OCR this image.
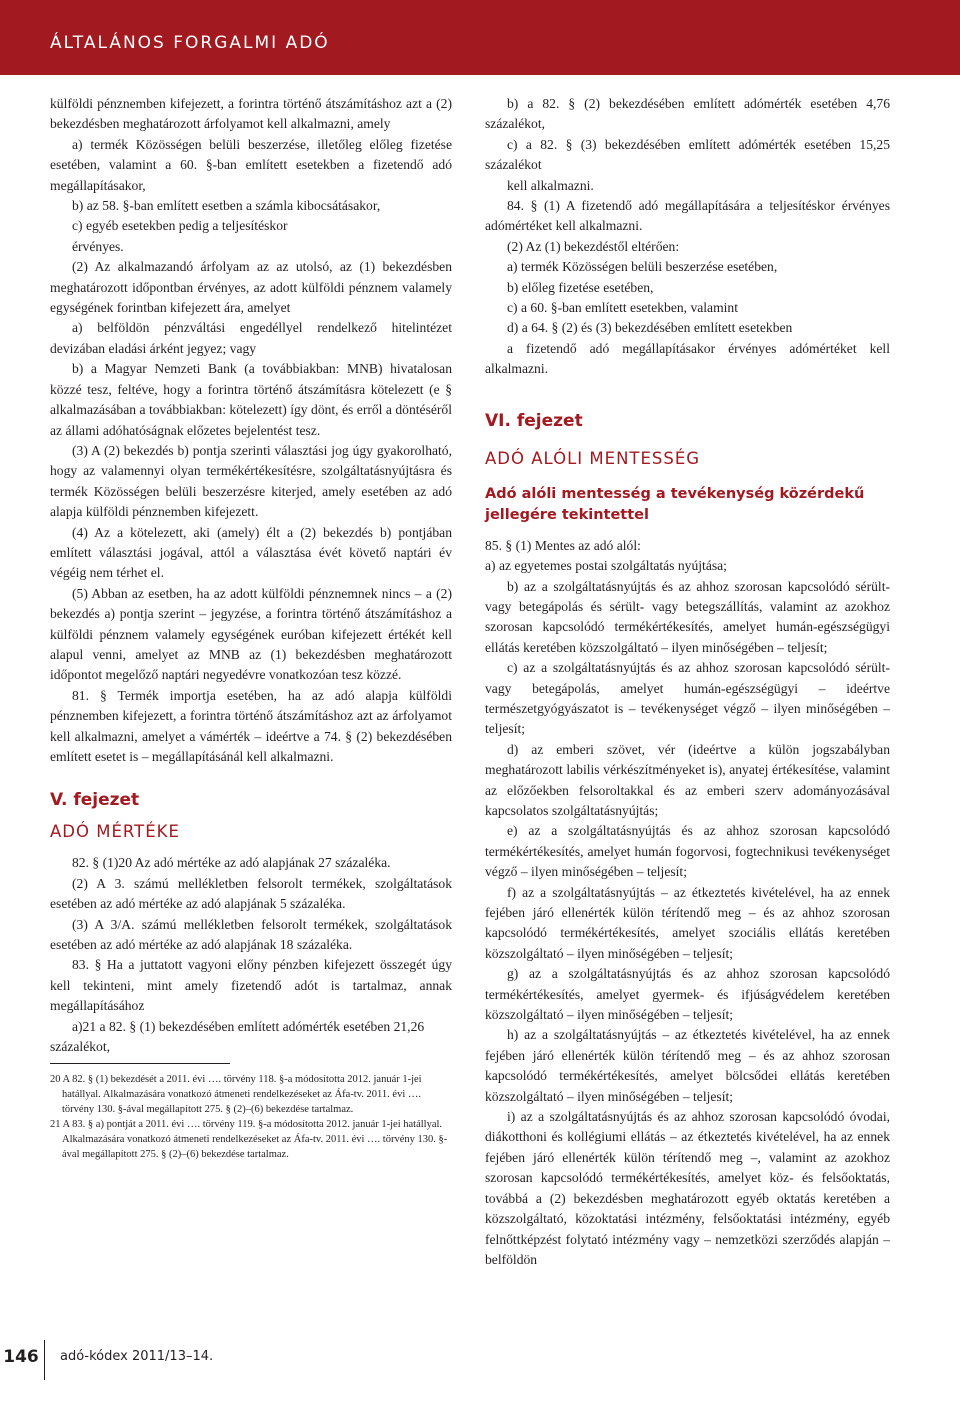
ÁLTALÁNOS FORGALMI ADÓ

külföldi pénznemben kifejezett, a forintra történő átszámításhoz azt a (2) bekezdésben meghatározott árfolyamot kell alkalmazni, amely

a) termék Közösségen belüli beszerzése, illetőleg előleg fizetése esetében, valamint a 60. §-ban említett esetekben a fizetendő adó megállapításakor,

b) az 58. §-ban említett esetben a számla kibocsátásakor,

c) egyéb esetekben pedig a teljesítéskor

érvényes.

(2) Az alkalmazandó árfolyam az az utolsó, az (1) bekezdésben meghatározott időpontban érvényes, az adott külföldi pénznem valamely egységének forintban kifejezett ára, amelyet

a) belföldön pénzváltási engedéllyel rendelkező hitelintézet devizában eladási árként jegyez; vagy

b) a Magyar Nemzeti Bank (a továbbiakban: MNB) hivatalosan közzé tesz, feltéve, hogy a forintra történő átszámításra kötelezett (e § alkalmazásában a továbbiakban: kötelezett) így dönt, és erről a döntéséről az állami adóhatóságnak előzetes bejelentést tesz.

(3) A (2) bekezdés b) pontja szerinti választási jog úgy gyakorolható, hogy az valamennyi olyan termékértékesítésre, szolgáltatásnyújtásra és termék Közösségen belüli beszerzésre kiterjed, amely esetében az adó alapja külföldi pénznemben kifejezett.

(4) Az a kötelezett, aki (amely) élt a (2) bekezdés b) pontjában említett választási jogával, attól a választása évét követő naptári év végéig nem térhet el.

(5) Abban az esetben, ha az adott külföldi pénznemnek nincs – a (2) bekezdés a) pontja szerint – jegyzése, a forintra történő átszámításhoz a külföldi pénznem valamely egységének euróban kifejezett értékét kell alapul venni, amelyet az MNB az (1) bekezdésben meghatározott időpontot megelőző naptári negyedévre vonatkozóan tesz közzé.

81. § Termék importja esetében, ha az adó alapja külföldi pénznemben kifejezett, a forintra történő átszámításhoz azt az árfolyamot kell alkalmazni, amelyet a vámérték – ideértve a 74. § (2) bekezdésében említett esetet is – megállapításánál kell alkalmazni.

V. fejezet
ADÓ MÉRTÉKE

82. § (1)20 Az adó mértéke az adó alapjának 27 százaléka.

(2) A 3. számú mellékletben felsorolt termékek, szolgáltatások esetében az adó mértéke az adó alapjának 5 százaléka.

(3) A 3/A. számú mellékletben felsorolt termékek, szolgáltatások esetében az adó mértéke az adó alapjának 18 százaléka.

83. § Ha a juttatott vagyoni előny pénzben kifejezett összegét úgy kell tekinteni, mint amely fizetendő adót is tartalmaz, annak megállapításához

a)21 a 82. § (1) bekezdésében említett adómérték esetében 21,26 százalékot,

20 A 82. § (1) bekezdését a 2011. évi …. törvény 118. §-a módosította 2012. január 1-jei hatállyal. Alkalmazására vonatkozó átmeneti rendelkezéseket az Áfa-tv. 2011. évi …. törvény 130. §-ával megállapított 275. § (2)–(6) bekezdése tartalmaz.

21 A 83. § a) pontját a 2011. évi …. törvény 119. §-a módosította 2012. január 1-jei hatállyal. Alkalmazására vonatkozó átmeneti rendelkezéseket az Áfa-tv. 2011. évi …. törvény 130. §-ával megállapított 275. § (2)–(6) bekezdése tartalmaz.

b) a 82. § (2) bekezdésében említett adómérték esetében 4,76 százalékot,

c) a 82. § (3) bekezdésében említett adómérték esetében 15,25 százalékot

kell alkalmazni.

84. § (1) A fizetendő adó megállapítására a teljesítéskor érvényes adómértéket kell alkalmazni.

(2) Az (1) bekezdéstől eltérően:

a) termék Közösségen belüli beszerzése esetében,

b) előleg fizetése esetében,

c) a 60. §-ban említett esetekben, valamint

d) a 64. § (2) és (3) bekezdésében említett esetekben

a fizetendő adó megállapításakor érvényes adómértéket kell alkalmazni.

VI. fejezet
ADÓ ALÓLI MENTESSÉG
Adó alóli mentesség a tevékenység közérdekű jellegére tekintettel

85. § (1) Mentes az adó alól:

a) az egyetemes postai szolgáltatás nyújtása;

b) az a szolgáltatásnyújtás és az ahhoz szorosan kapcsolódó sérült- vagy betegápolás és sérült- vagy betegszállítás, valamint az azokhoz szorosan kapcsolódó termékértékesítés, amelyet humán-egészségügyi ellátás keretében közszolgáltató – ilyen minőségében – teljesít;

c) az a szolgáltatásnyújtás és az ahhoz szorosan kapcsolódó sérült- vagy betegápolás, amelyet humán-egészségügyi – ideértve természetgyógyászatot is – tevékenységet végző – ilyen minőségében – teljesít;

d) az emberi szövet, vér (ideértve a külön jogszabályban meghatározott labilis vérkészítményeket is), anyatej értékesítése, valamint az előzőekben felsoroltakkal és az emberi szerv adományozásával kapcsolatos szolgáltatásnyújtás;

e) az a szolgáltatásnyújtás és az ahhoz szorosan kapcsolódó termékértékesítés, amelyet humán fogorvosi, fogtechnikusi tevékenységet végző – ilyen minőségében – teljesít;

f) az a szolgáltatásnyújtás – az étkeztetés kivételével, ha az ennek fejében járó ellenérték külön térítendő meg – és az ahhoz szorosan kapcsolódó termékértékesítés, amelyet szociális ellátás keretében közszolgáltató – ilyen minőségében – teljesít;

g) az a szolgáltatásnyújtás és az ahhoz szorosan kapcsolódó termékértékesítés, amelyet gyermek- és ifjúságvédelem keretében közszolgáltató – ilyen minőségében – teljesít;

h) az a szolgáltatásnyújtás – az étkeztetés kivételével, ha az ennek fejében járó ellenérték külön térítendő meg – és az ahhoz szorosan kapcsolódó termékértékesítés, amelyet bölcsődei ellátás keretében közszolgáltató – ilyen minőségében – teljesít;

i) az a szolgáltatásnyújtás és az ahhoz szorosan kapcsolódó óvodai, diákotthoni és kollégiumi ellátás – az étkeztetés kivételével, ha az ennek fejében járó ellenérték külön térítendő meg –, valamint az azokhoz szorosan kapcsolódó termékértékesítés, amelyet köz- és felsőoktatás, továbbá a (2) bekezdésben meghatározott egyéb oktatás keretében a közszolgáltató, közoktatási intézmény, felsőoktatási intézmény, egyéb felnőttképzést folytató intézmény vagy – nemzetközi szerződés alapján – belföldön

146 adó-kódex 2011/13–14.
